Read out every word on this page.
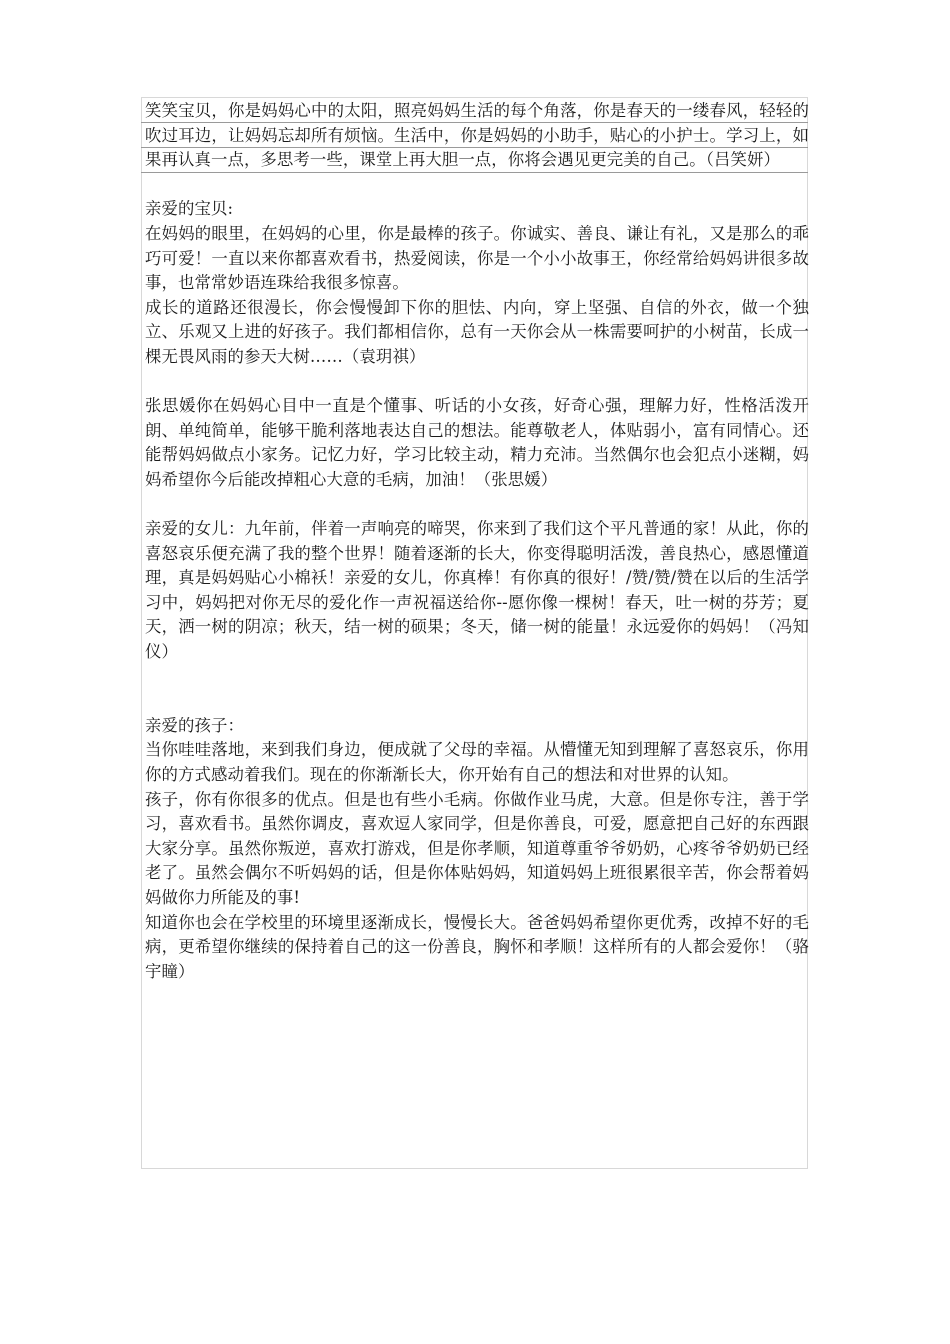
笑笑宝贝，你是妈妈心中的太阳，照亮妈妈生活的每个角落，你是春天的一缕春风，轻轻的吹过耳边，让妈妈忘却所有烦恼。生活中，你是妈妈的小助手，贴心的小护士。学习上，如果再认真一点，多思考一些，课堂上再大胆一点，你将会遇见更完美的自己。（吕笑妍）

亲爱的宝贝:

在妈妈的眼里，在妈妈的心里，你是最棒的孩子。你诚实、善良、谦让有礼，又是那么的乖巧可爱！一直以来你都喜欢看书，热爱阅读，你是一个小小故事王，你经常给妈妈讲很多故事，也常常妙语连珠给我很多惊喜。

成长的道路还很漫长，你会慢慢卸下你的胆怯、内向，穿上坚强、自信的外衣，做一个独立、乐观又上进的好孩子。我们都相信你，总有一天你会从一株需要呵护的小树苗，长成一棵无畏风雨的参天大树……（袁玥祺）

张思媛你在妈妈心目中一直是个懂事、听话的小女孩，好奇心强，理解力好，性格活泼开朗、单纯简单，能够干脆利落地表达自己的想法。能尊敬老人，体贴弱小，富有同情心。还能帮妈妈做点小家务。记忆力好，学习比较主动，精力充沛。当然偶尔也会犯点小迷糊，妈妈希望你今后能改掉粗心大意的毛病，加油！（张思媛）

亲爱的女儿：九年前，伴着一声响亮的啼哭，你来到了我们这个平凡普通的家！从此，你的喜怒哀乐便充满了我的整个世界！随着逐渐的长大，你变得聪明活泼，善良热心，感恩懂道理，真是妈妈贴心小棉袄！亲爱的女儿，你真棒！有你真的很好！/赞/赞/赞在以后的生活学习中，妈妈把对你无尽的爱化作一声祝福送给你--愿你像一棵树！春天，吐一树的芬芳；夏天，洒一树的阴凉；秋天，结一树的硕果；冬天，储一树的能量！永远爱你的妈妈！（冯知仪）

亲爱的孩子：

当你哇哇落地，来到我们身边，便成就了父母的幸福。从懵懂无知到理解了喜怒哀乐，你用你的方式感动着我们。现在的你渐渐长大，你开始有自己的想法和对世界的认知。

孩子，你有你很多的优点。但是也有些小毛病。你做作业马虎，大意。但是你专注，善于学习，喜欢看书。虽然你调皮，喜欢逗人家同学，但是你善良，可爱，愿意把自己好的东西跟大家分享。虽然你叛逆，喜欢打游戏，但是你孝顺，知道尊重爷爷奶奶，心疼爷爷奶奶已经老了。虽然会偶尔不听妈妈的话，但是你体贴妈妈，知道妈妈上班很累很辛苦，你会帮着妈妈做你力所能及的事!

知道你也会在学校里的环境里逐渐成长，慢慢长大。爸爸妈妈希望你更优秀，改掉不好的毛病，更希望你继续的保持着自己的这一份善良，胸怀和孝顺！这样所有的人都会爱你！（骆宇瞳）
